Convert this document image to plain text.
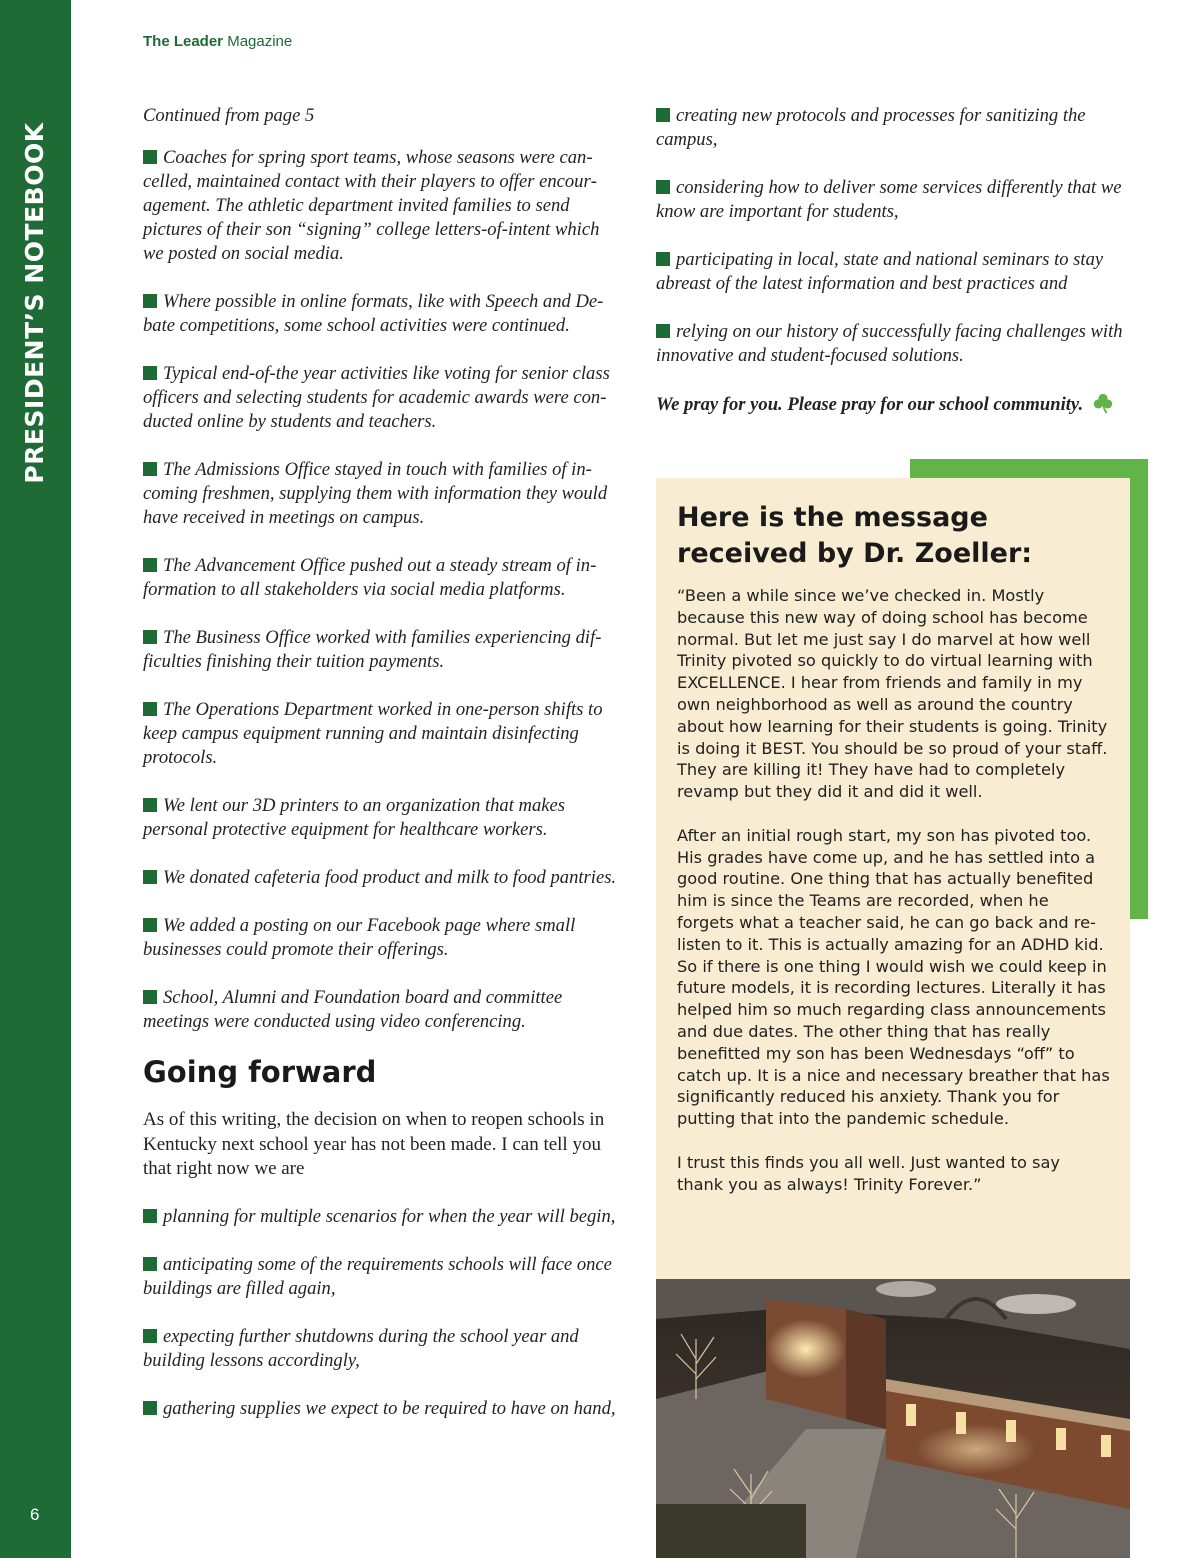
PRESIDENT’S NOTEBOOK
6
The Leader Magazine

Continued from page 5

Coaches for spring sport teams, whose seasons were cancelled, maintained contact with their players to offer encouragement. The athletic department invited families to send pictures of their son “signing” college letters-of-intent which we posted on social media.

Where possible in online formats, like with Speech and Debate competitions, some school activities were continued.

Typical end-of-the year activities like voting for senior class officers and selecting students for academic awards were conducted online by students and teachers.

The Admissions Office stayed in touch with families of incoming freshmen, supplying them with information they would have received in meetings on campus.

The Advancement Office pushed out a steady stream of information to all stakeholders via social media platforms.

The Business Office worked with families experiencing difficulties finishing their tuition payments.

The Operations Department worked in one-person shifts to keep campus equipment running and maintain disinfecting protocols.

We lent our 3D printers to an organization that makes personal protective equipment for healthcare workers.

We donated cafeteria food product and milk to food pantries.

We added a posting on our Facebook page where small businesses could promote their offerings.

School, Alumni and Foundation board and committee meetings were conducted using video conferencing.

Going forward

As of this writing, the decision on when to reopen schools in Kentucky next school year has not been made. I can tell you that right now we are

planning for multiple scenarios for when the year will begin,

anticipating some of the requirements schools will face once buildings are filled again,

expecting further shutdowns during the school year and building lessons accordingly,

gathering supplies we expect to be required to have on hand,

creating new protocols and processes for sanitizing the campus,

considering how to deliver some services differently that we know are important for students,

participating in local, state and national seminars to stay abreast of the latest information and best practices and

relying on our history of successfully facing challenges with innovative and student-focused solutions.

We pray for you. Please pray for our school community.

Here is the message received by Dr. Zoeller:

“Been a while since we’ve checked in. Mostly because this new way of doing school has become normal. But let me just say I do marvel at how well Trinity pivoted so quickly to do virtual learning with EXCELLENCE. I hear from friends and family in my own neighborhood as well as around the country about how learning for their students is going. Trinity is doing it BEST. You should be so proud of your staff. They are killing it! They have had to completely revamp but they did it and did it well.

After an initial rough start, my son has pivoted too. His grades have come up, and he has settled into a good routine. One thing that has actually benefited him is since the Teams are recorded, when he forgets what a teacher said, he can go back and re-listen to it. This is actually amazing for an ADHD kid. So if there is one thing I would wish we could keep in future models, it is recording lectures. Literally it has helped him so much regarding class announcements and due dates. The other thing that has really benefitted my son has been Wednesdays “off” to catch up. It is a nice and necessary breather that has significantly reduced his anxiety. Thank you for putting that into the pandemic schedule.

I trust this finds you all well. Just wanted to say thank you as always! Trinity Forever.”
